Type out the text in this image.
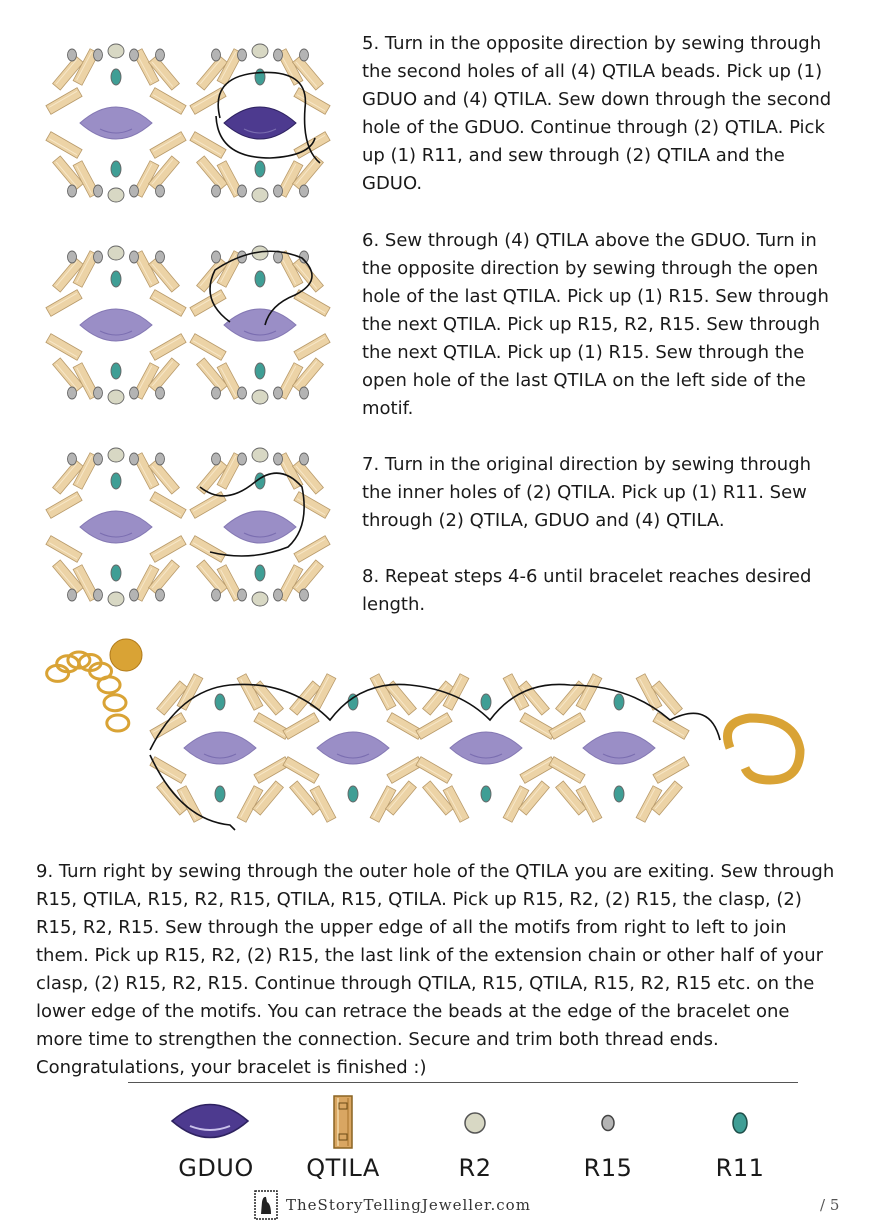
5. Turn in the opposite direction by sewing through the second holes of all (4) QTILA beads. Pick up (1) GDUO and (4) QTILA. Sew down through the second hole of the GDUO. Continue through (2) QTILA. Pick up (1) R11, and sew through (2) QTILA and the GDUO.
6. Sew through (4) QTILA above the GDUO. Turn in the opposite direction by sewing through the open hole of the last QTILA. Pick up (1) R15. Sew through the next QTILA. Pick up R15, R2, R15. Sew through the next QTILA. Pick up (1) R15. Sew through the open hole of the last QTILA on the left side of the motif.
7. Turn in the original direction by sewing through the inner holes of (2) QTILA. Pick up (1) R11. Sew through (2) QTILA, GDUO and (4) QTILA.
8. Repeat steps 4-6 until bracelet reaches desired length.
9. Turn right by sewing through the outer hole of the QTILA you are exiting. Sew through R15, QTILA, R15, R2, R15, QTILA, R15, QTILA. Pick up R15, R2, (2) R15, the clasp, (2) R15, R2, R15. Sew through the upper edge of all the motifs from right to left to join them. Pick up R15, R2, (2) R15, the last link of the extension chain or other half of your clasp, (2) R15, R2, R15. Continue through QTILA, R15, QTILA, R15, R2, R15 etc. on the lower edge of the motifs. You can retrace the beads at the edge of the bracelet one more time to strengthen the connection. Secure and trim both thread ends.
Congratulations, your bracelet is finished :)
GDUO	QTILA	R2	R15	R11
TheStoryTellingJeweller.com	/ 5
